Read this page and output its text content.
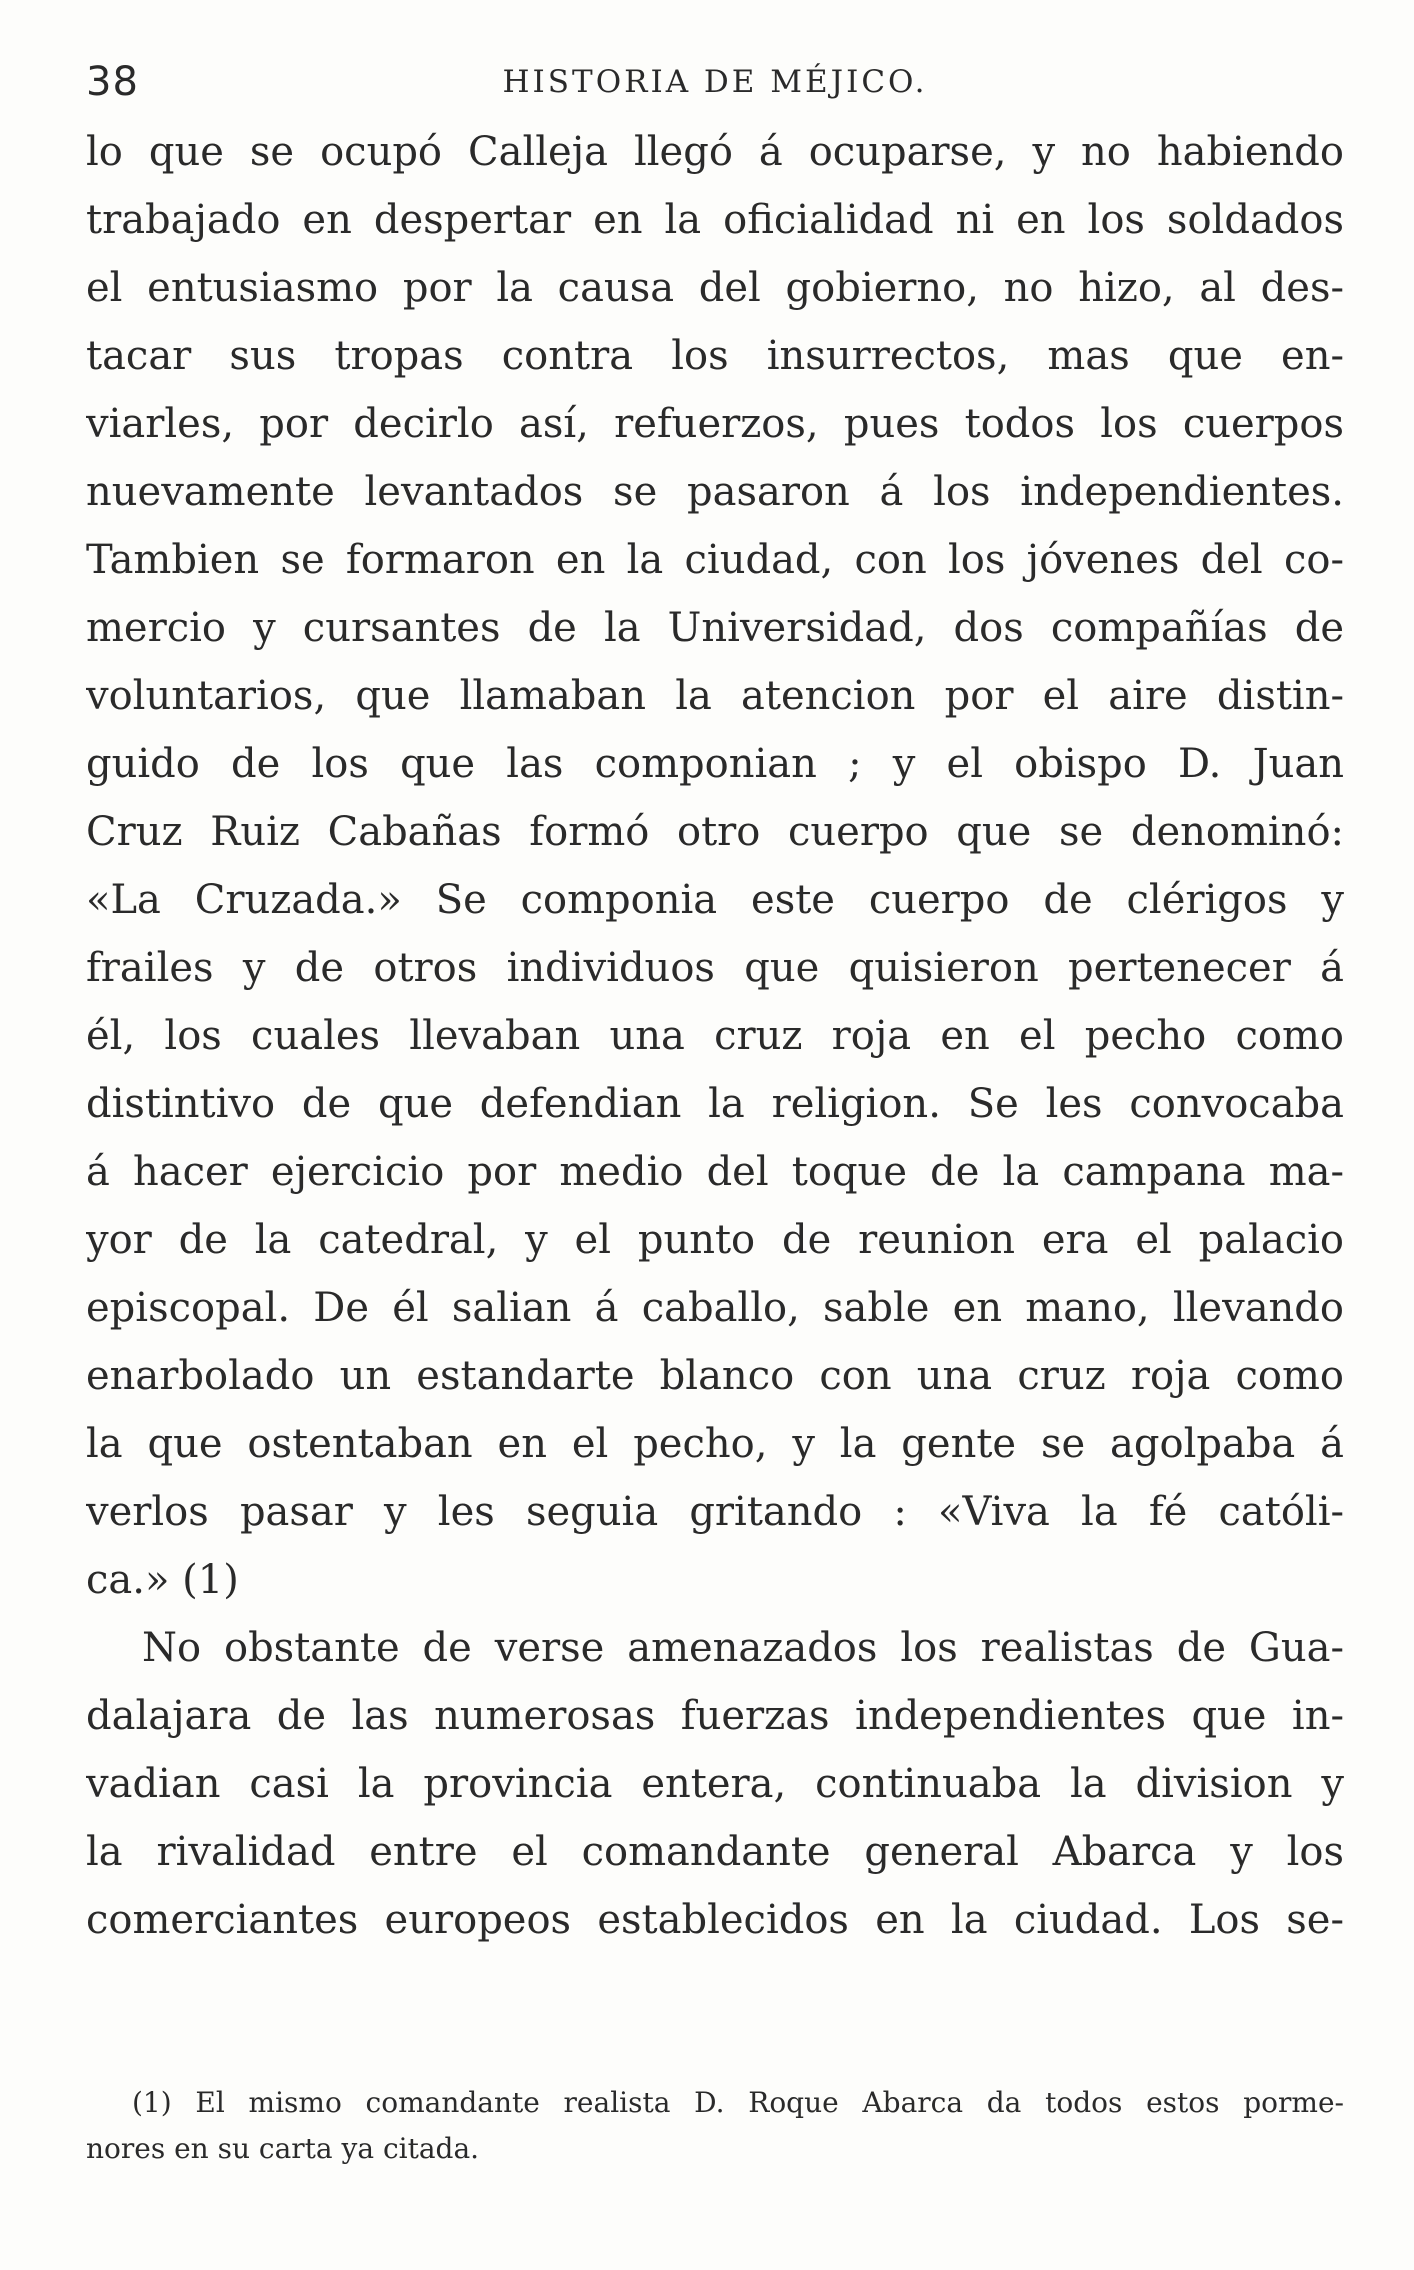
38	HISTORIA DE MÉJICO.
lo que se ocupó Calleja llegó á ocuparse, y no habiendo
trabajado en despertar en la oficialidad ni en los soldados
el entusiasmo por la causa del gobierno, no hizo, al des-
tacar sus tropas contra los insurrectos, mas que en-
viarles, por decirlo así, refuerzos, pues todos los cuerpos
nuevamente levantados se pasaron á los independientes.
Tambien se formaron en la ciudad, con los jóvenes del co-
mercio y cursantes de la Universidad, dos compañías de
voluntarios, que llamaban la atencion por el aire distin-
guido de los que las componian ; y el obispo D. Juan
Cruz Ruiz Cabañas formó otro cuerpo que se denominó:
«La Cruzada.» Se componia este cuerpo de clérigos y
frailes y de otros individuos que quisieron pertenecer á
él, los cuales llevaban una cruz roja en el pecho como
distintivo de que defendian la religion. Se les convocaba
á hacer ejercicio por medio del toque de la campana ma-
yor de la catedral, y el punto de reunion era el palacio
episcopal. De él salian á caballo, sable en mano, llevando
enarbolado un estandarte blanco con una cruz roja como
la que ostentaban en el pecho, y la gente se agolpaba á
verlos pasar y les seguia gritando : «Viva la fé católi-
ca.» (1)
No obstante de verse amenazados los realistas de Gua-
dalajara de las numerosas fuerzas independientes que in-
vadian casi la provincia entera, continuaba la division y
la rivalidad entre el comandante general Abarca y los
comerciantes europeos establecidos en la ciudad. Los se-
(1) El mismo comandante realista D. Roque Abarca da todos estos porme-
nores en su carta ya citada.
